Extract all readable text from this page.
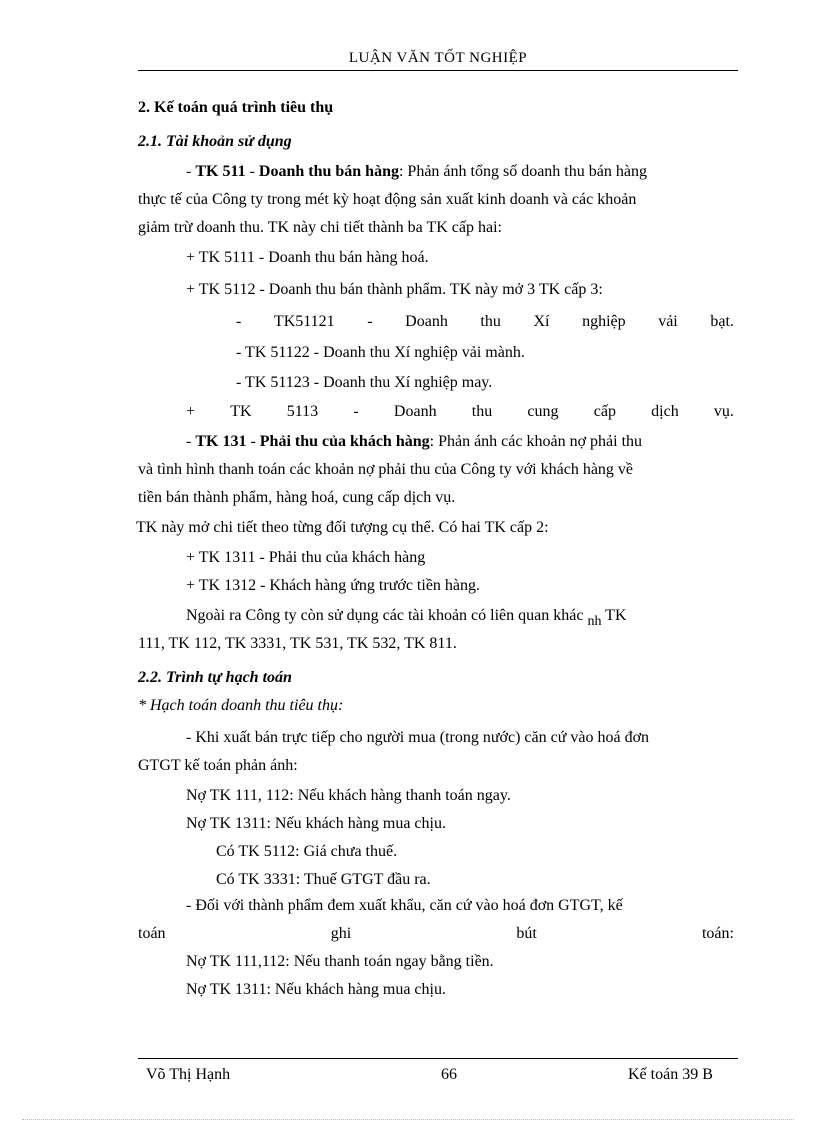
LUẬN VĂN TỐT NGHIỆP
2. Kế toán quá trình tiêu thụ
2.1. Tài khoản sử dụng
- TK 511 - Doanh thu bán hàng: Phản ánh tổng số doanh thu bán hàng
thực tế của Công ty trong mét kỳ hoạt động sản xuất kinh doanh và các khoản
giảm trừ doanh thu. TK này chi tiết thành ba TK cấp hai:
+ TK 5111 - Doanh thu bán hàng hoá.
+ TK 5112 - Doanh thu bán thành phẩm. TK này mở 3 TK cấp 3:
- TK51121 - Doanh thu Xí nghiệp vải bạt.
- TK 51122 - Doanh thu Xí nghiệp vải mành.
- TK 51123 - Doanh thu Xí nghiệp may.
+ TK 5113 - Doanh thu cung cấp dịch vụ.
- TK 131 - Phải thu của khách hàng: Phản ánh các khoản nợ phải thu
và tình hình thanh toán các khoản nợ phải thu của Công ty với khách hàng về
tiền bán thành phẩm, hàng hoá, cung cấp dịch vụ.
TK này mở chi tiết theo từng đối tượng cụ thể. Có hai TK cấp 2:
+ TK 1311 - Phải thu của khách hàng
+ TK 1312 - Khách hàng ứng trước tiền hàng.
Ngoài ra Công ty còn sử dụng các tài khoản có liên quan khác nh TK
111, TK 112, TK 3331, TK 531, TK 532, TK 811.
2.2. Trình tự hạch toán
* Hạch toán doanh thu tiêu thụ:
- Khi xuất bán trực tiếp cho người mua (trong nước) căn cứ vào hoá đơn
GTGT kế toán phản ánh:
Nợ TK 111, 112: Nếu khách hàng thanh toán ngay.
Nợ TK 1311: Nếu khách hàng mua chịu.
Có TK 5112: Giá chưa thuế.
Có TK 3331: Thuế GTGT đầu ra.
- Đối với thành phẩm đem xuất khẩu, căn cứ vào hoá đơn GTGT, kế
toán	ghi	bút	toán:
Nợ TK 111,112: Nếu thanh toán ngay bằng tiền.
Nợ TK 1311: Nếu khách hàng mua chịu.
Võ Thị Hạnh	66	Kế toán 39 B
